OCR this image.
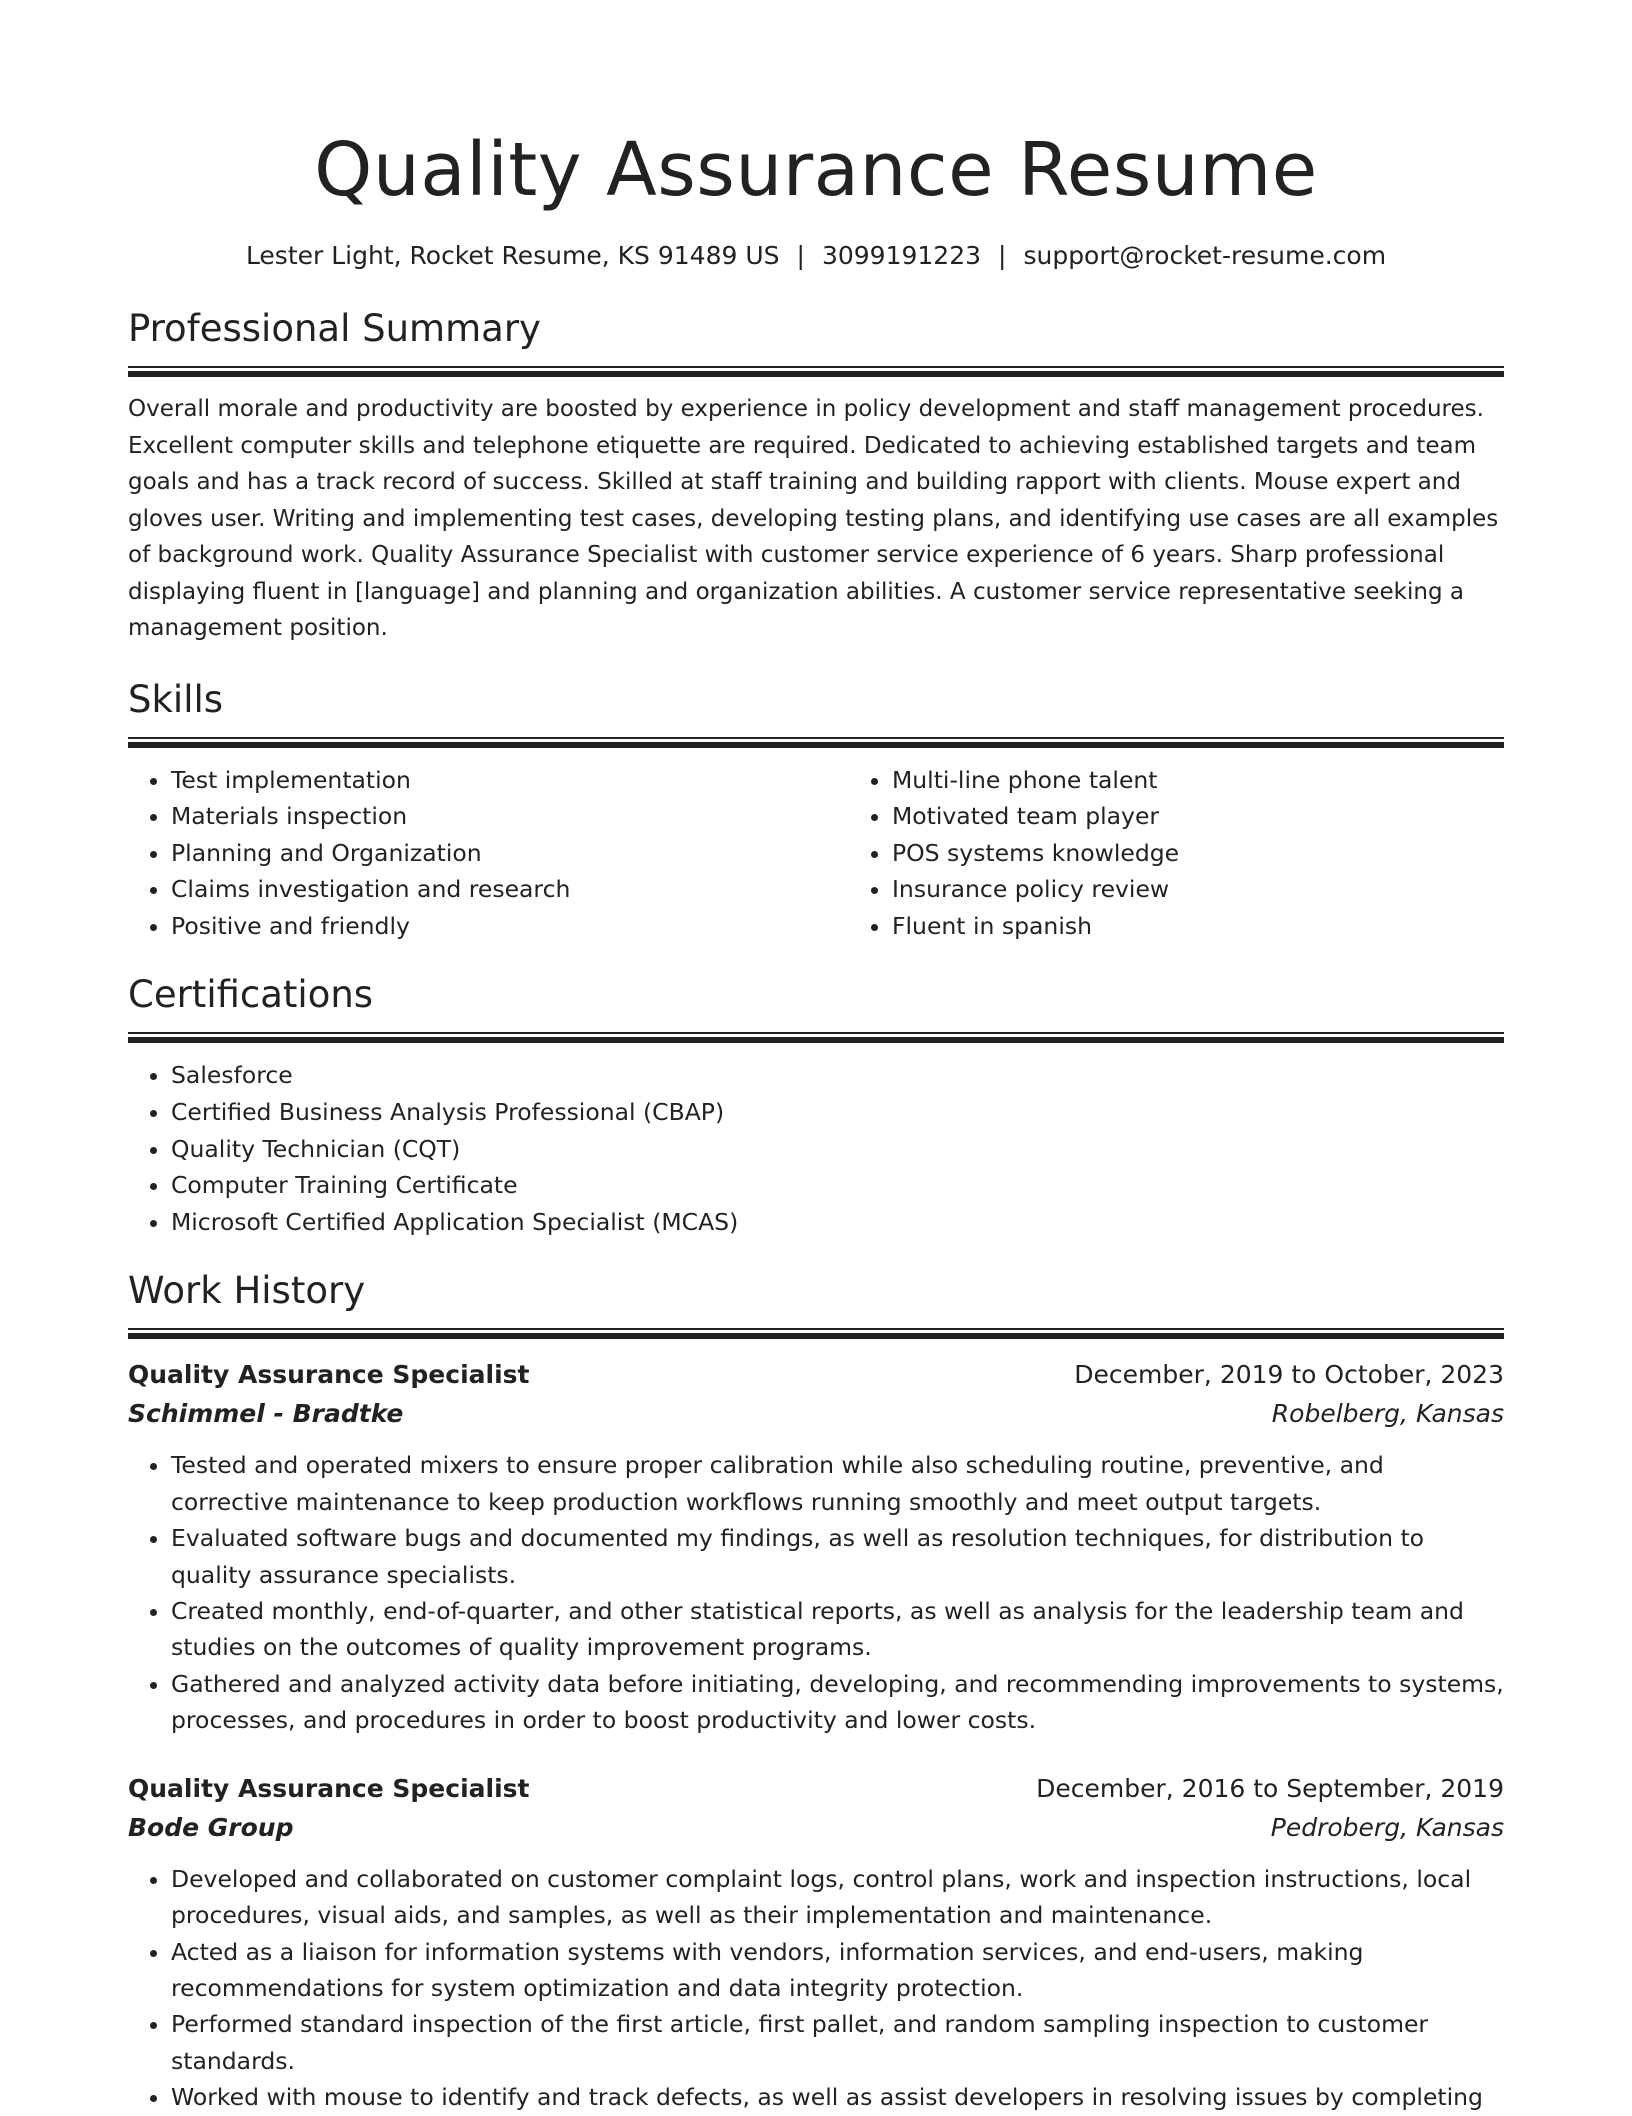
Quality Assurance Resume
Lester Light, Rocket Resume, KS 91489 US | 3099191223 | support@rocket-resume.com
Professional Summary

Overall morale and productivity are boosted by experience in policy development and staff management procedures. Excellent computer skills and telephone etiquette are required. Dedicated to achieving established targets and team goals and has a track record of success. Skilled at staff training and building rapport with clients. Mouse expert and gloves user. Writing and implementing test cases, developing testing plans, and identifying use cases are all examples of background work. Quality Assurance Specialist with customer service experience of 6 years. Sharp professional displaying fluent in [language] and planning and organization abilities. A customer service representative seeking a management position.

Skills
• Test implementation
• Materials inspection
• Planning and Organization
• Claims investigation and research
• Positive and friendly
• Multi-line phone talent
• Motivated team player
• POS systems knowledge
• Insurance policy review
• Fluent in spanish
Certifications
• Salesforce
• Certified Business Analysis Professional (CBAP)
• Quality Technician (CQT)
• Computer Training Certificate
• Microsoft Certified Application Specialist (MCAS)
Work History
Quality Assurance Specialist	December, 2019 to October, 2023
Schimmel - Bradtke	Robelberg, Kansas
• Tested and operated mixers to ensure proper calibration while also scheduling routine, preventive, and corrective maintenance to keep production workflows running smoothly and meet output targets.
• Evaluated software bugs and documented my findings, as well as resolution techniques, for distribution to quality assurance specialists.
• Created monthly, end-of-quarter, and other statistical reports, as well as analysis for the leadership team and studies on the outcomes of quality improvement programs.
• Gathered and analyzed activity data before initiating, developing, and recommending improvements to systems, processes, and procedures in order to boost productivity and lower costs.
Quality Assurance Specialist	December, 2016 to September, 2019
Bode Group	Pedroberg, Kansas
• Developed and collaborated on customer complaint logs, control plans, work and inspection instructions, local procedures, visual aids, and samples, as well as their implementation and maintenance.
• Acted as a liaison for information systems with vendors, information services, and end-users, making recommendations for system optimization and data integrity protection.
• Performed standard inspection of the first article, first pallet, and random sampling inspection to customer standards.
• Worked with mouse to identify and track defects, as well as assist developers in resolving issues by completing
